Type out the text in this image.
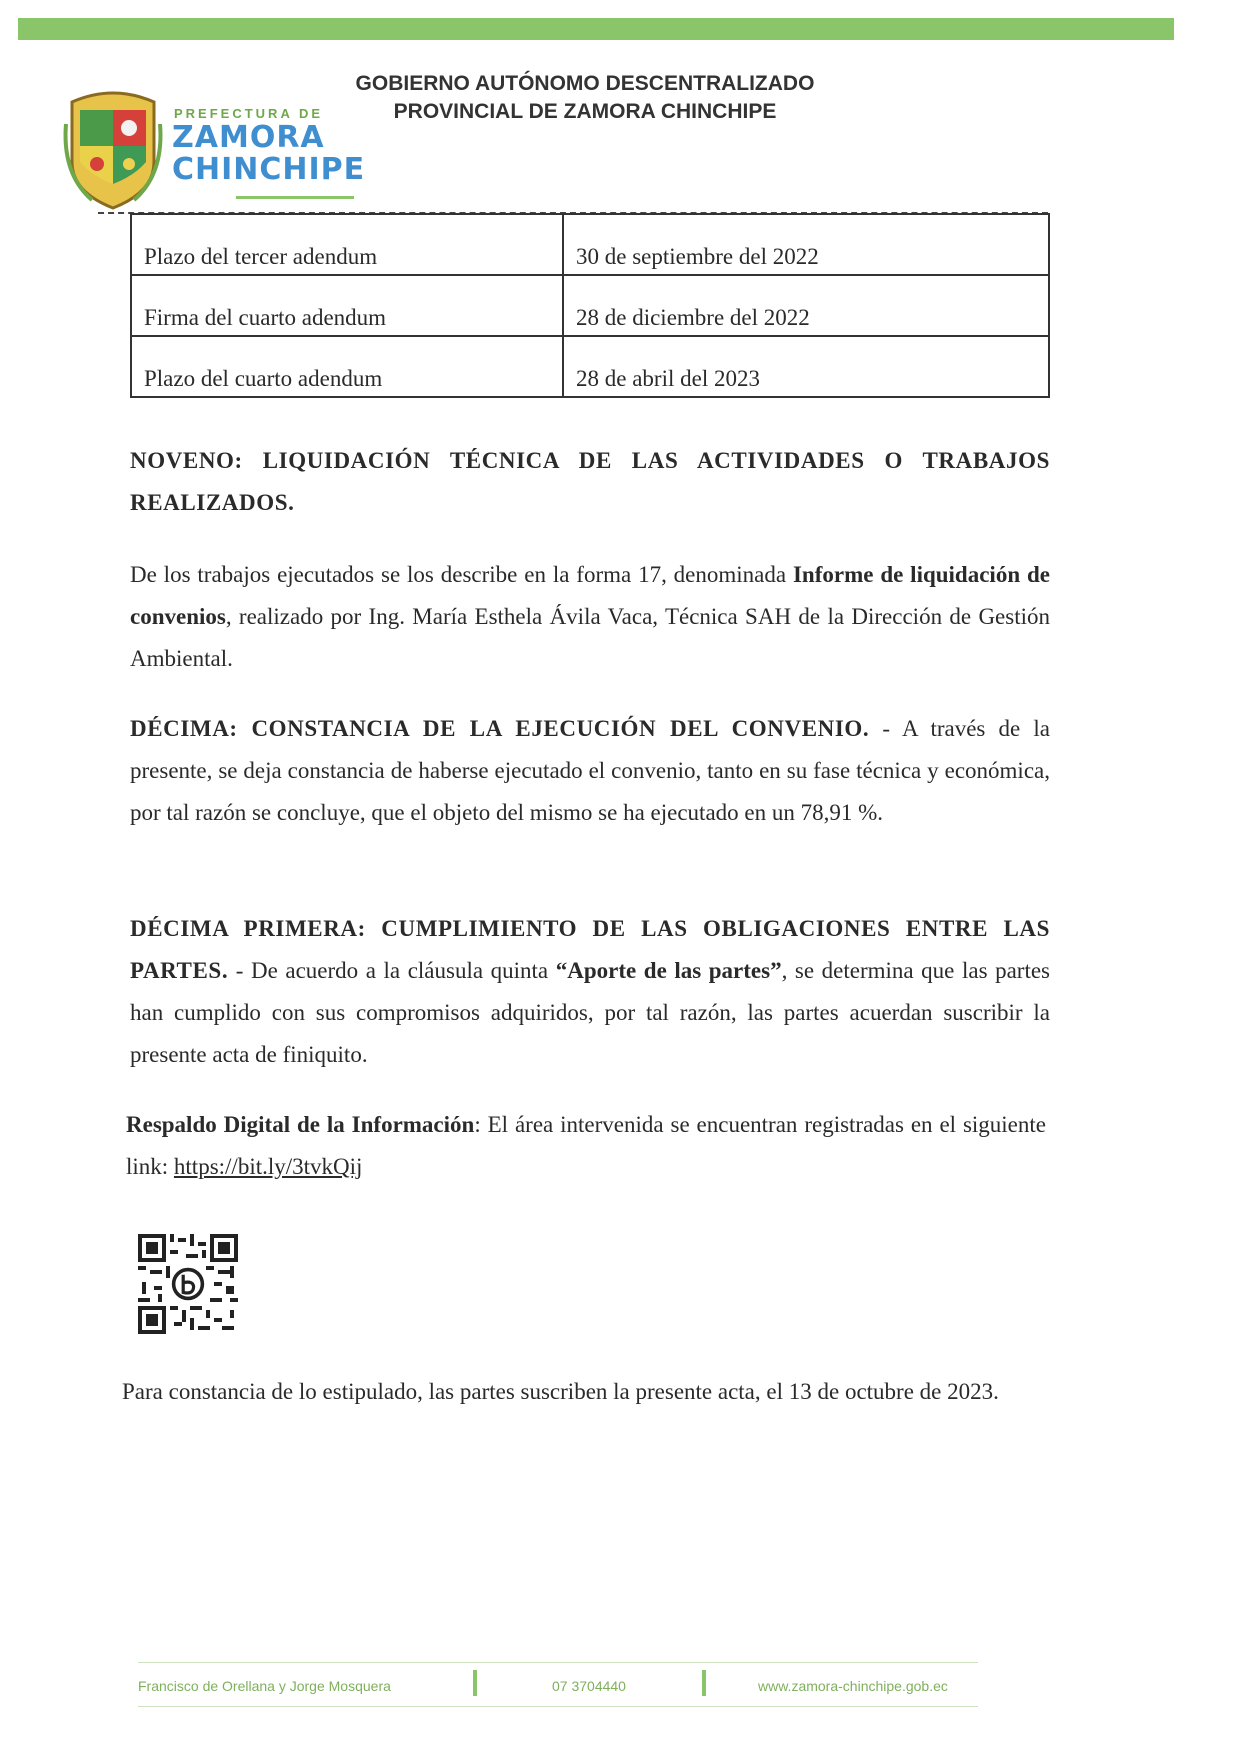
PREFECTURA DE
ZAMORA
CHINCHIPE
GOBIERNO AUTÓNOMO DESCENTRALIZADO
PROVINCIAL DE ZAMORA CHINCHIPE
Plazo del tercer adendum	30 de septiembre del 2022
Firma del cuarto adendum	28 de diciembre del 2022
Plazo del cuarto adendum	28 de abril del 2023
NOVENO: LIQUIDACIÓN TÉCNICA DE LAS ACTIVIDADES O TRABAJOS REALIZADOS.
De los trabajos ejecutados se los describe en la forma 17, denominada Informe de liquidación de convenios, realizado por Ing. María Esthela Ávila Vaca, Técnica SAH de la Dirección de Gestión Ambiental.
DÉCIMA: CONSTANCIA DE LA EJECUCIÓN DEL CONVENIO. - A través de la presente, se deja constancia de haberse ejecutado el convenio, tanto en su fase técnica y económica, por tal razón se concluye, que el objeto del mismo se ha ejecutado en un 78,91 %.
DÉCIMA PRIMERA: CUMPLIMIENTO DE LAS OBLIGACIONES ENTRE LAS PARTES. - De acuerdo a la cláusula quinta “Aporte de las partes”, se determina que las partes han cumplido con sus compromisos adquiridos, por tal razón, las partes acuerdan suscribir la presente acta de finiquito.
Respaldo Digital de la Información: El área intervenida se encuentran registradas en el siguiente link: https://bit.ly/3tvkQij
Para constancia de lo estipulado, las partes suscriben la presente acta, el 13 de octubre de 2023.
Francisco de Orellana y Jorge Mosquera	07 3704440	www.zamora-chinchipe.gob.ec
